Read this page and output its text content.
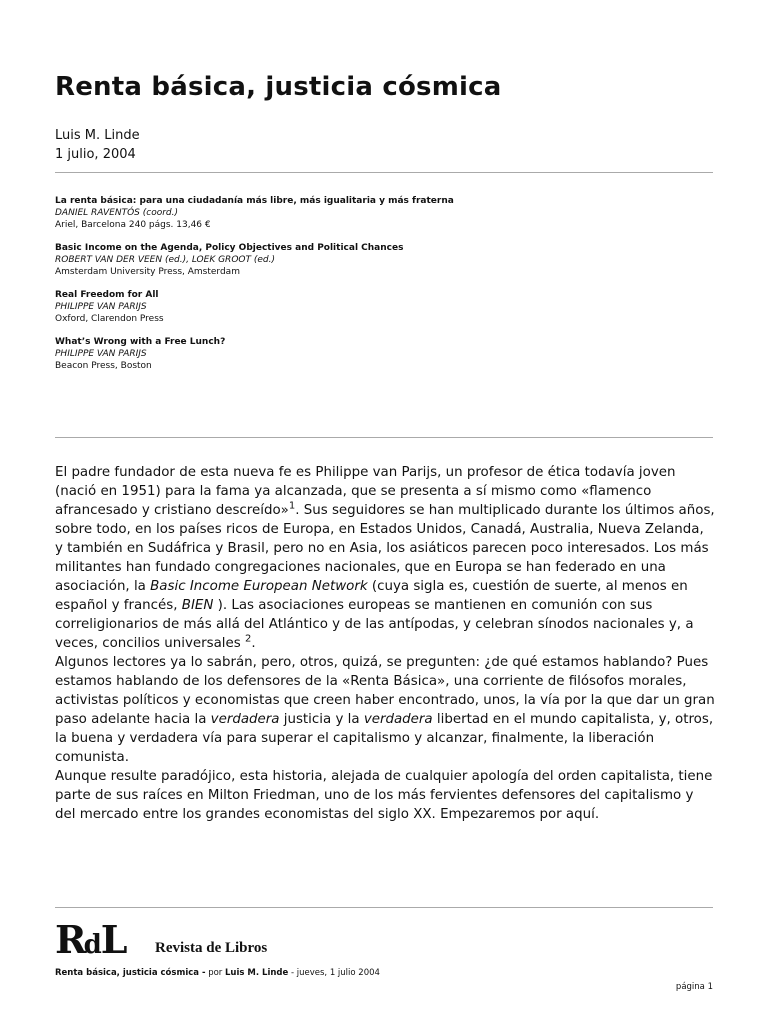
Renta básica, justicia cósmica
Luis M. Linde
1 julio, 2004
La renta básica: para una ciudadanía más libre, más igualitaria y más fraterna
DANIEL RAVENTÓS (coord.)
Ariel, Barcelona 240 págs. 13,46 €
Basic Income on the Agenda, Policy Objectives and Political Chances
ROBERT VAN DER VEEN (ed.), LOEK GROOT (ed.)
Amsterdam University Press, Amsterdam
Real Freedom for All
PHILIPPE VAN PARIJS
Oxford, Clarendon Press
What’s Wrong with a Free Lunch?
PHILIPPE VAN PARIJS
Beacon Press, Boston

El padre fundador de esta nueva fe es Philippe van Parijs, un profesor de ética todavía joven (nació en 1951) para la fama ya alcanzada, que se presenta a sí mismo como «flamenco afrancesado y cristiano descreído»$^1$. Sus seguidores se han multiplicado durante los últimos años, sobre todo, en los países ricos de Europa, en Estados Unidos, Canadá, Australia, Nueva Zelanda, y también en Sudáfrica y Brasil, pero no en Asia, los asiáticos parecen poco interesados. Los más militantes han fundado congregaciones nacionales, que en Europa se han federado en una asociación, la Basic Income European Network (cuya sigla es, cuestión de suerte, al menos en español y francés, BIEN ). Las asociaciones europeas se mantienen en comunión con sus correligionarios de más allá del Atlántico y de las antípodas, y celebran sínodos nacionales y, a veces, concilios universales $^2$.

Algunos lectores ya lo sabrán, pero, otros, quizá, se pregunten: ¿de qué estamos hablando? Pues estamos hablando de los defensores de la «Renta Básica», una corriente de filósofos morales, activistas políticos y economistas que creen haber encontrado, unos, la vía por la que dar un gran paso adelante hacia la verdadera justicia y la verdadera libertad en el mundo capitalista, y, otros, la buena y verdadera vía para superar el capitalismo y alcanzar, finalmente, la liberación comunista.

Aunque resulte paradójico, esta historia, alejada de cualquier apología del orden capitalista, tiene parte de sus raíces en Milton Friedman, uno de los más fervientes defensores del capitalismo y del mercado entre los grandes economistas del siglo XX. Empezaremos por aquí.

RdL Revista de Libros
Renta básica, justicia cósmica - por Luis M. Linde - jueves, 1 julio 2004
página 1
